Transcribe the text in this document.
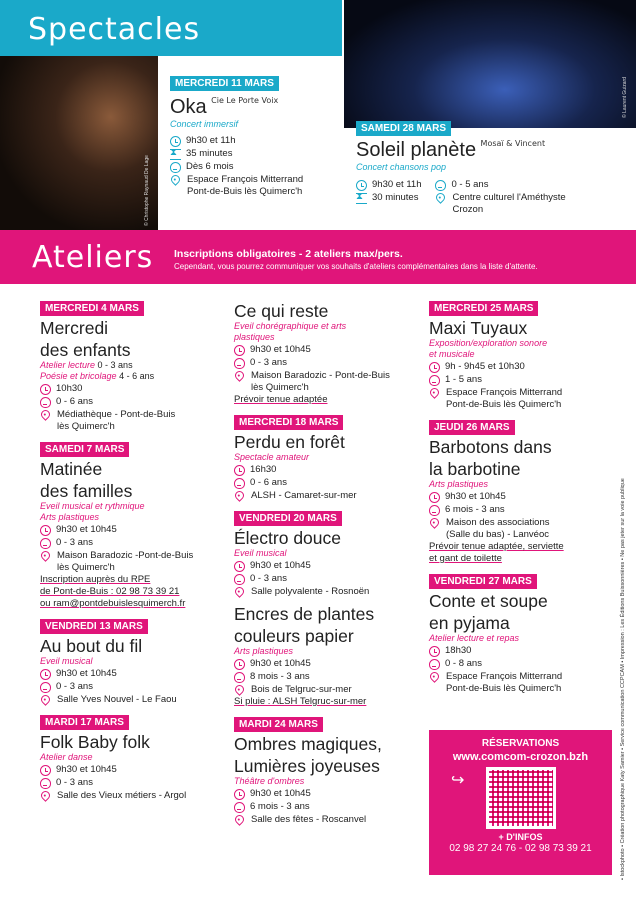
Spectacles
© Christophe Raynaud De Lage
© Laurent Guizard
MERCREDI 11 MARS
Oka $^{Cie Le Porte Voix}$
Concert immersif
9h30 et 11h
⧗
35 minutes
Dès 6 mois
Espace François Mitterrand
Pont-de-Buis lès Quimerc'h
SAMEDI 28 MARS
Soleil planète $^{Mosaï \& Vincent}$
Concert chansons pop
9h30 et 11h
⧗
30 minutes
0 - 5 ans
Centre culturel l'Améthyste
Crozon
Ateliers Inscriptions obligatoires - 2 ateliers max/pers.
Cependant, vous pourrez communiquer vos souhaits d'ateliers complémentaires dans la liste d'attente.
MERCREDI 4 MARS
Mercredi
des enfants
Atelier lecture 0 - 3 ans
Poésie et bricolage 4 - 6 ans
10h30
0 - 6 ans
Médiathèque - Pont-de-Buis
lès Quimerc'h
SAMEDI 7 MARS
Matinée
des familles
Eveil musical et rythmique
Arts plastiques
9h30 et 10h45
0 - 3 ans
Maison Baradozic -Pont-de-Buis
lès Quimerc'h
Inscription auprès du RPE
de Pont-de-Buis : 02 98 73 39 21
ou ram@pontdebuislesquimerch.fr
VENDREDI 13 MARS
Au bout du fil
Eveil musical
9h30 et 10h45
0 - 3 ans
Salle Yves Nouvel - Le Faou
MARDI 17 MARS
Folk Baby folk
Atelier danse
9h30 et 10h45
0 - 3 ans
Salle des Vieux métiers - Argol
Ce qui reste
Eveil chorégraphique et arts
plastiques
9h30 et 10h45
0 - 3 ans
Maison Baradozic - Pont-de-Buis
lès Quimerc'h
Prévoir tenue adaptée
MERCREDI 18 MARS
Perdu en forêt
Spectacle amateur
16h30
0 - 6 ans
ALSH - Camaret-sur-mer
VENDREDI 20 MARS
Électro douce
Eveil musical
9h30 et 10h45
0 - 3 ans
Salle polyvalente - Rosnoën
Encres de plantes
couleurs papier
Arts plastiques
9h30 et 10h45
8 mois - 3 ans
Bois de Telgruc-sur-mer
Si pluie : ALSH Telgruc-sur-mer
MARDI 24 MARS
Ombres magiques,
Lumières joyeuses
Théâtre d'ombres
9h30 et 10h45
6 mois - 3 ans
Salle des fêtes - Roscanvel
MERCREDI 25 MARS
Maxi Tuyaux
Exposition/exploration sonore
et musicale
9h - 9h45 et 10h30
1 - 5 ans
Espace François Mitterrand
Pont-de-Buis lès Quimerc'h
JEUDI 26 MARS
Barbotons dans
la barbotine
Arts plastiques
9h30 et 10h45
6 mois - 3 ans
Maison des associations
(Salle du bas) - Lanvéoc
Prévoir tenue adaptée, serviette
et gant de toilette
VENDREDI 27 MARS
Conte et soupe
en pyjama
Atelier lecture et repas
18h30
0 - 8 ans
Espace François Mitterrand
Pont-de-Buis lès Quimerc'h
RÉSERVATIONS
www.comcom-crozon.bzh
↪
+ D'INFOS
02 98 27 24 76 - 02 98 73 39 21	• Istockphoto • Création photographique Katy Samier • Service communication CCPCAM • Impression : Les Éditions Buissonnières • Ne pas jeter sur la voie publique
